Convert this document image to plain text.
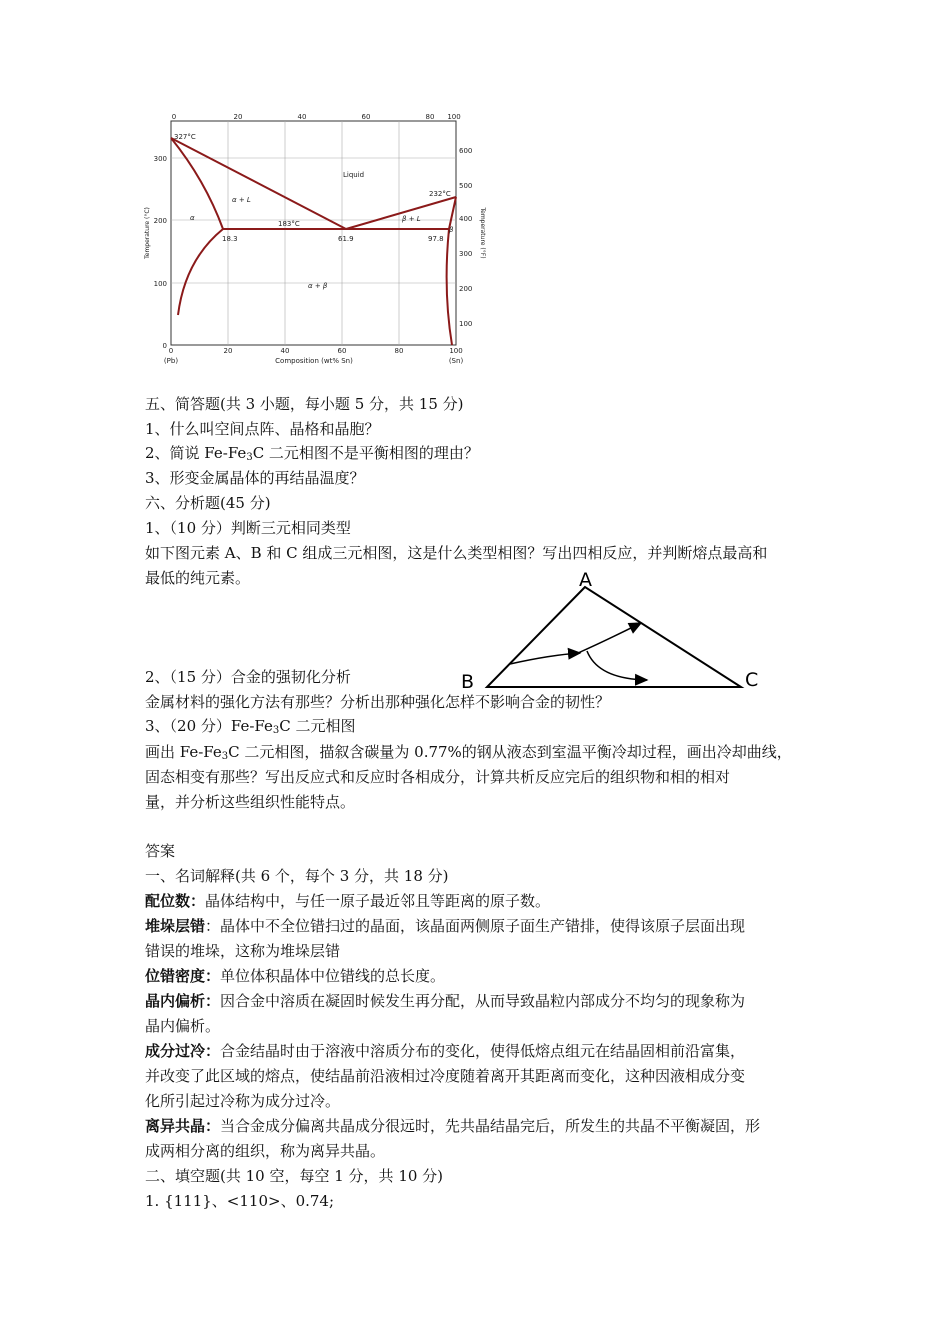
0	20	40	60	80 100
0	20	40	60	80	100
(Pb)	(Sn)
Composition (wt% Sn)
0
100
200
300
100
200
300
400
500
600
Temperature (°C)	Temperature (°F)
327°C
232°C
183°C
18.3	61.9	97.8
Liquid
α + L
β + L
α
β
α + β
五、简答题(共 3 小题，每小题 5 分，共 15 分)
1、什么叫空间点阵、晶格和晶胞？
2、简说 $Fe-Fe_3C$ 二元相图不是平衡相图的理由？
3、形变金属晶体的再结晶温度？
六、分析题(45 分)
1、（10 分）判断三元相同类型
如下图元素 A、B 和 C 组成三元相图，这是什么类型相图？写出四相反应，并判断熔点最高和
最低的纯元素。	A
B	C
2、（15 分）合金的强韧化分析
金属材料的强化方法有那些？分析出那种强化怎样不影响合金的韧性？
3、（20 分）$Fe-Fe_3C$ 二元相图
画出 $Fe-Fe_3C$ 二元相图，描叙含碳量为 0.77%的钢从液态到室温平衡冷却过程，画出冷却曲线，
固态相变有那些？写出反应式和反应时各相成分，计算共析反应完后的组织物和相的相对
量，并分析这些组织性能特点。
答案
一、名词解释(共 6 个，每个 3 分，共 18 分)
配位数：晶体结构中，与任一原子最近邻且等距离的原子数。
堆垛层错：晶体中不全位错扫过的晶面，该晶面两侧原子面生产错排，使得该原子层面出现
错误的堆垛，这称为堆垛层错
位错密度：单位体积晶体中位错线的总长度。
晶内偏析：因合金中溶质在凝固时候发生再分配，从而导致晶粒内部成分不均匀的现象称为
晶内偏析。
成分过冷：合金结晶时由于溶液中溶质分布的变化，使得低熔点组元在结晶固相前沿富集，
并改变了此区域的熔点，使结晶前沿液相过冷度随着离开其距离而变化，这种因液相成分变
化所引起过冷称为成分过冷。
离异共晶：当合金成分偏离共晶成分很远时，先共晶结晶完后，所发生的共晶不平衡凝固，形
成两相分离的组织，称为离异共晶。
二、填空题(共 10 空，每空 1 分，共 10 分)
1. {111}、<110>、0.74;
